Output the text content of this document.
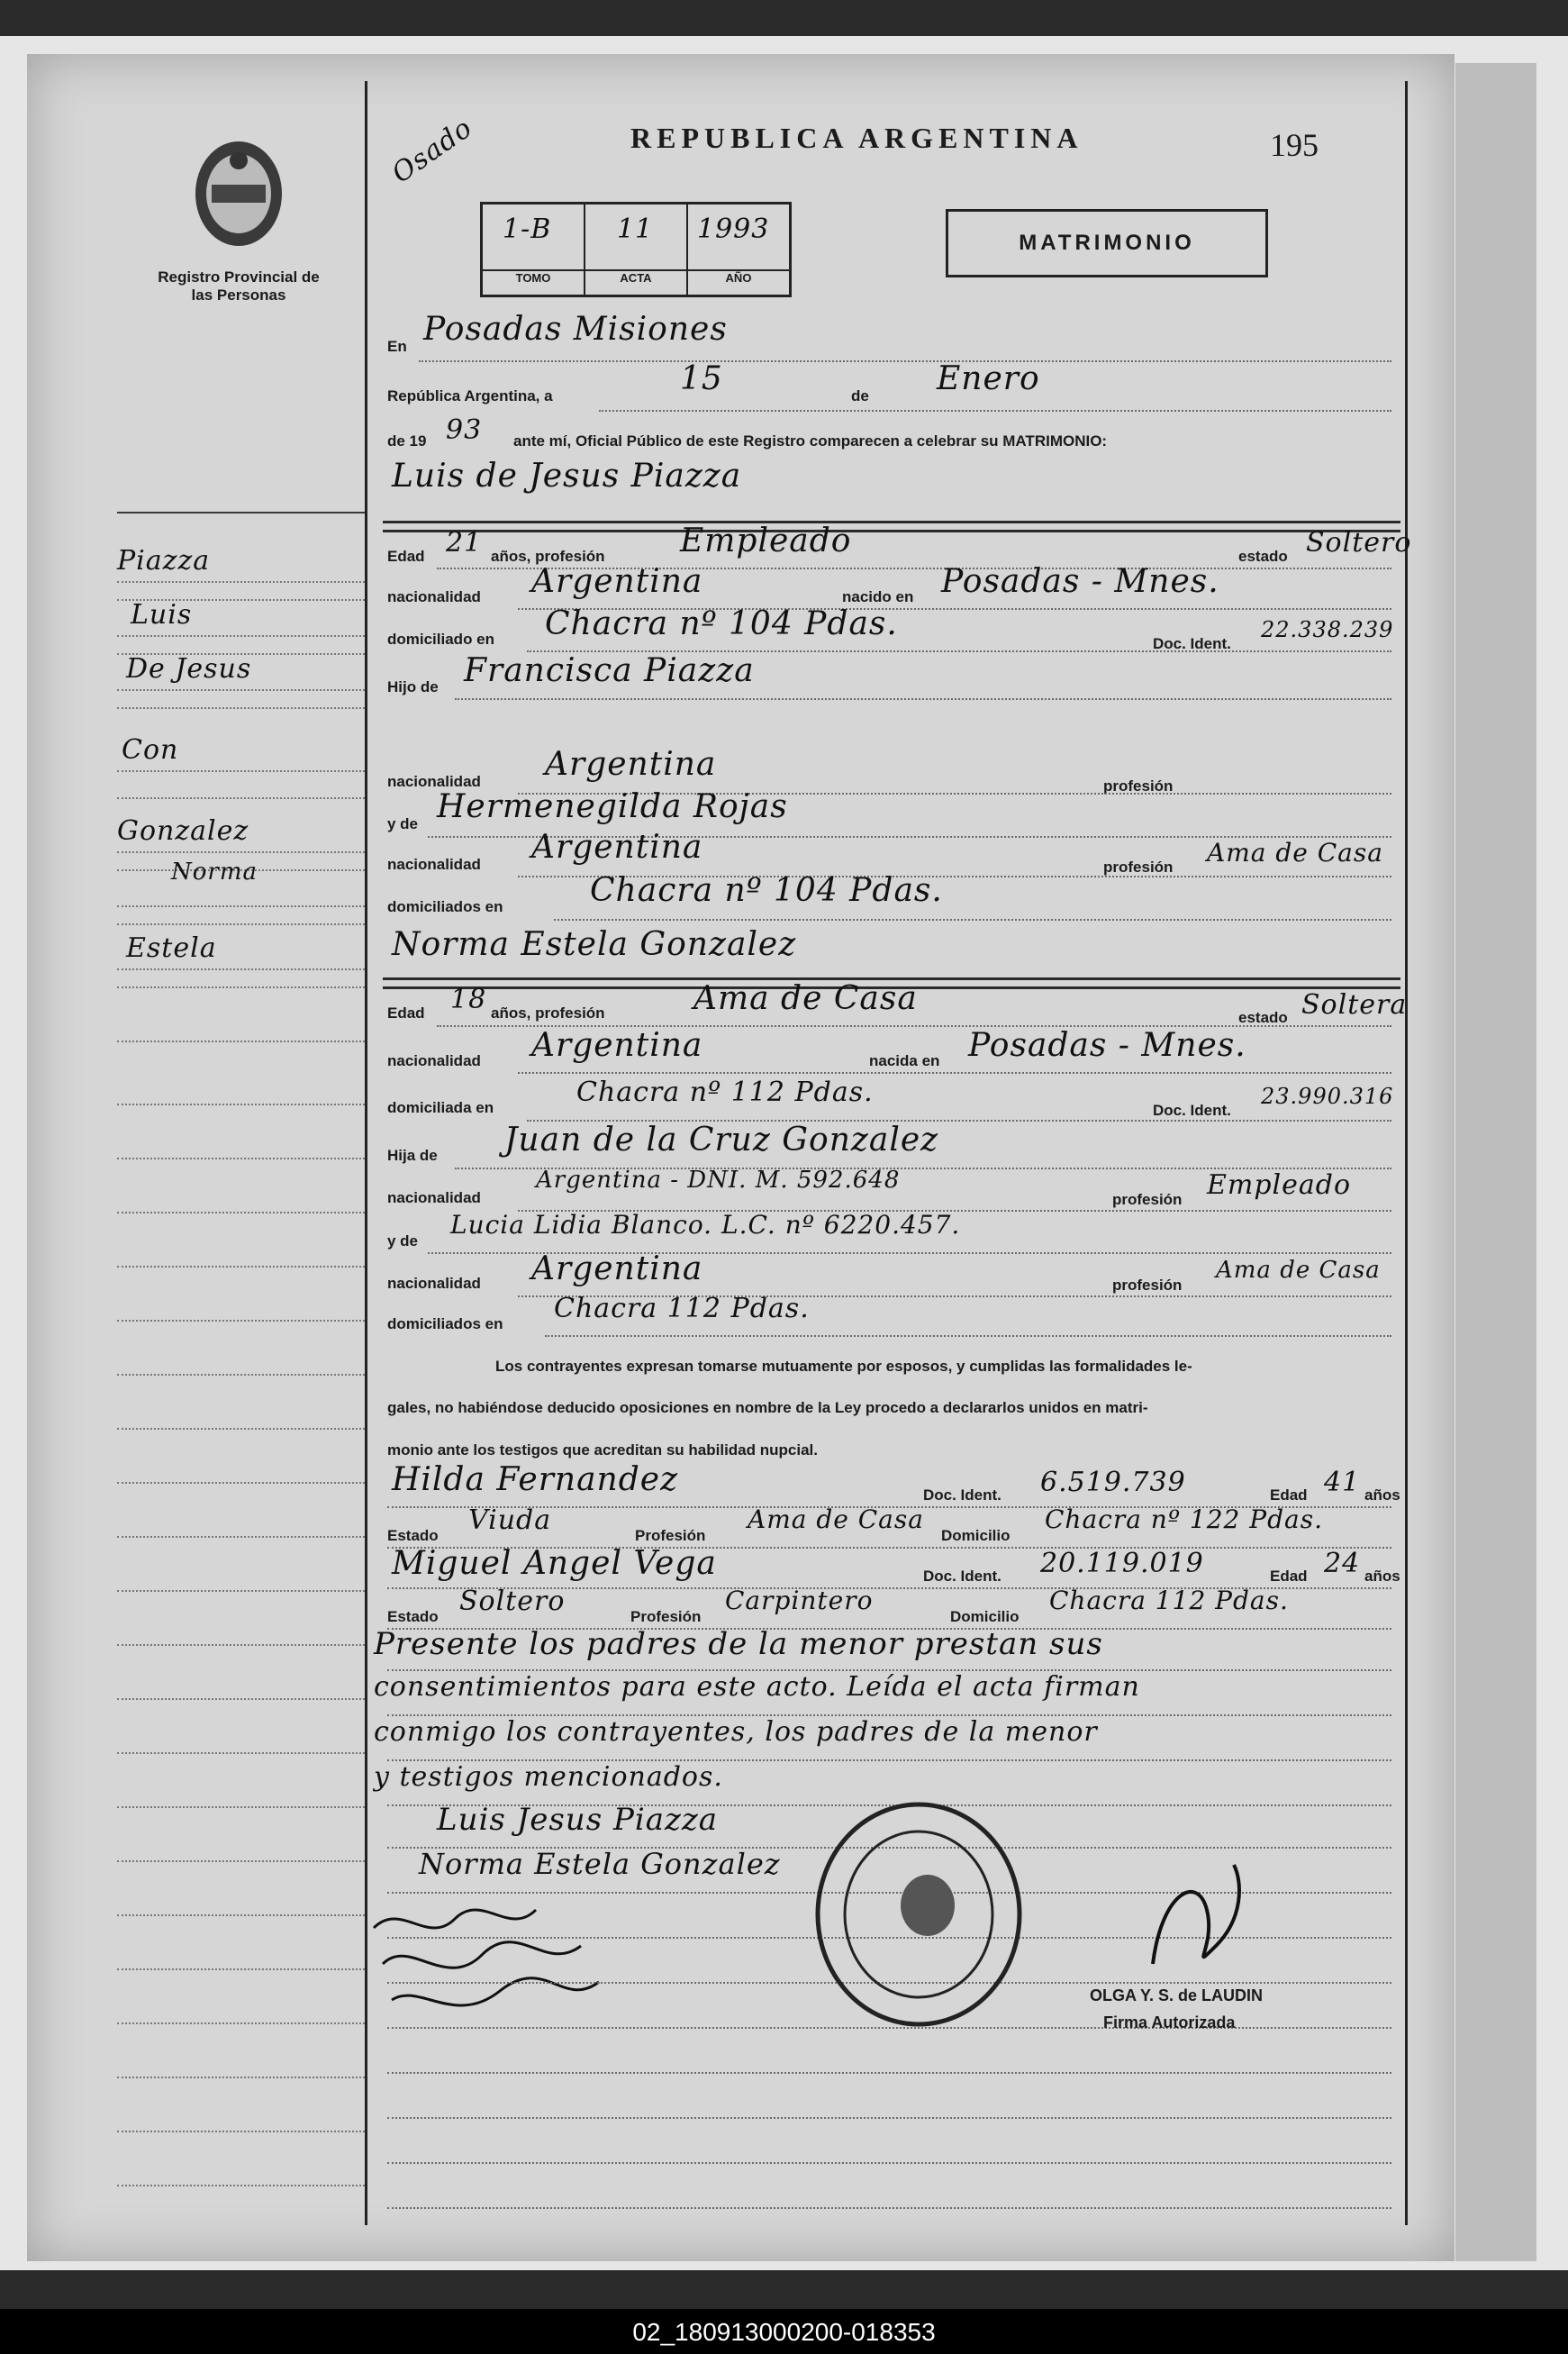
Registro Provincial de las Personas
Osado	REPUBLICA ARGENTINA	195
1-B
TOMO
11
ACTA
1993
AÑO
MATRIMONIO
Piazza
Luis
De Jesus
Con
Gonzalez
Norma
Estela
En Posadas Misiones
República Argentina, a	15	de Enero
de 19 93 ante mí, Oficial Público de este Registro comparecen a celebrar su MATRIMONIO:
Luis de Jesus Piazza
Edad 21 años, profesión Empleado	estado Soltero
nacionalidad Argentina	nacido en Posadas - Mnes.
domiciliado en Chacra nº 104 Pdas.
Doc. Ident.
22.338.239
Hijo de Francisca Piazza
nacionalidad Argentina
profesión
y de Hermenegilda Rojas
nacionalidad Argentina
profesión Ama de Casa
domiciliados en	Chacra nº 104 Pdas.
Norma Estela Gonzalez
Edad 18 años, profesión	Ama de Casa
estado Soltera
nacionalidad Argentina	nacida en Posadas - Mnes.
domiciliada en	Chacra nº 112 Pdas.
Doc. Ident.
23.990.316
Hija de Juan de la Cruz Gonzalez
nacionalidad
Argentina - DNI. M. 592.648
profesión Empleado
y de
Lucia Lidia Blanco. L.C. nº 6220.457.
nacionalidad Argentina	profesión
Ama de Casa
domiciliados en Chacra 112 Pdas.
Los contrayentes expresan tomarse mutuamente por esposos, y cumplidas las formalidades le-
gales, no habiéndose deducido oposiciones en nombre de la Ley procedo a declararlos unidos en matri-
monio ante los testigos que acreditan su habilidad nupcial.
Hilda Fernandez	Doc. Ident. 6.519.739	Edad 41 años
Estado Viuda	Profesión
Ama de Casa
Domicilio
Chacra nº 122 Pdas.
Miguel Angel Vega	Doc. Ident. 20.119.019	Edad 24 años
Estado Soltero	Profesión
Carpintero
Domicilio
Chacra 112 Pdas.
Presente los padres de la menor prestan sus
consentimientos para este acto. Leída el acta firman
conmigo los contrayentes, los padres de la menor
y testigos mencionados.
Luis Jesus Piazza
Norma Estela Gonzalez
OLGA Y. S. de LAUDIN
Firma Autorizada
02_180913000200-018353
